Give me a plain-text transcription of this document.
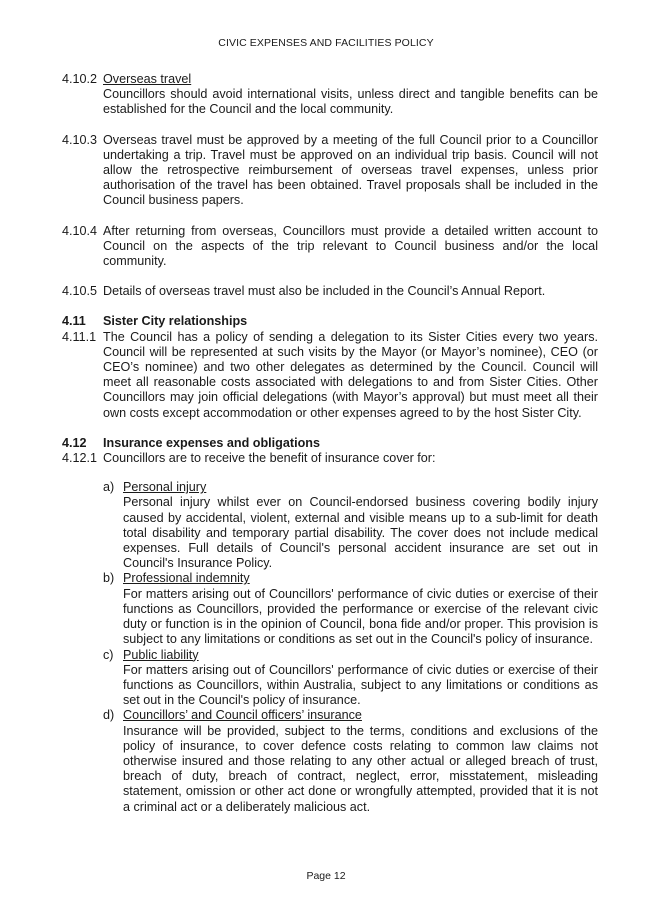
CIVIC EXPENSES AND FACILITIES POLICY
4.10.2 Overseas travel
Councillors should avoid international visits, unless direct and tangible benefits can be established for the Council and the local community.
4.10.3 Overseas travel must be approved by a meeting of the full Council prior to a Councillor undertaking a trip. Travel must be approved on an individual trip basis. Council will not allow the retrospective reimbursement of overseas travel expenses, unless prior authorisation of the travel has been obtained. Travel proposals shall be included in the Council business papers.
4.10.4 After returning from overseas, Councillors must provide a detailed written account to Council on the aspects of the trip relevant to Council business and/or the local community.
4.10.5 Details of overseas travel must also be included in the Council’s Annual Report.
4.11	Sister City relationships
4.11.1 The Council has a policy of sending a delegation to its Sister Cities every two years. Council will be represented at such visits by the Mayor (or Mayor’s nominee), CEO (or CEO’s nominee) and two other delegates as determined by the Council. Council will meet all reasonable costs associated with delegations to and from Sister Cities. Other Councillors may join official delegations (with Mayor’s approval) but must meet all their own costs except accommodation or other expenses agreed to by the host Sister City.
4.12	Insurance expenses and obligations
4.12.1 Councillors are to receive the benefit of insurance cover for:
a) Personal injury
Personal injury whilst ever on Council-endorsed business covering bodily injury caused by accidental, violent, external and visible means up to a sub-limit for death total disability and temporary partial disability. The cover does not include medical expenses. Full details of Council's personal accident insurance are set out in Council's Insurance Policy.
b) Professional indemnity
For matters arising out of Councillors' performance of civic duties or exercise of their functions as Councillors, provided the performance or exercise of the relevant civic duty or function is in the opinion of Council, bona fide and/or proper. This provision is subject to any limitations or conditions as set out in the Council's policy of insurance.
c) Public liability
For matters arising out of Councillors' performance of civic duties or exercise of their functions as Councillors, within Australia, subject to any limitations or conditions as set out in the Council's policy of insurance.
d) Councillors’ and Council officers’ insurance
Insurance will be provided, subject to the terms, conditions and exclusions of the policy of insurance, to cover defence costs relating to common law claims not otherwise insured and those relating to any other actual or alleged breach of trust, breach of duty, breach of contract, neglect, error, misstatement, misleading statement, omission or other act done or wrongfully attempted, provided that it is not a criminal act or a deliberately malicious act.
Page 12
